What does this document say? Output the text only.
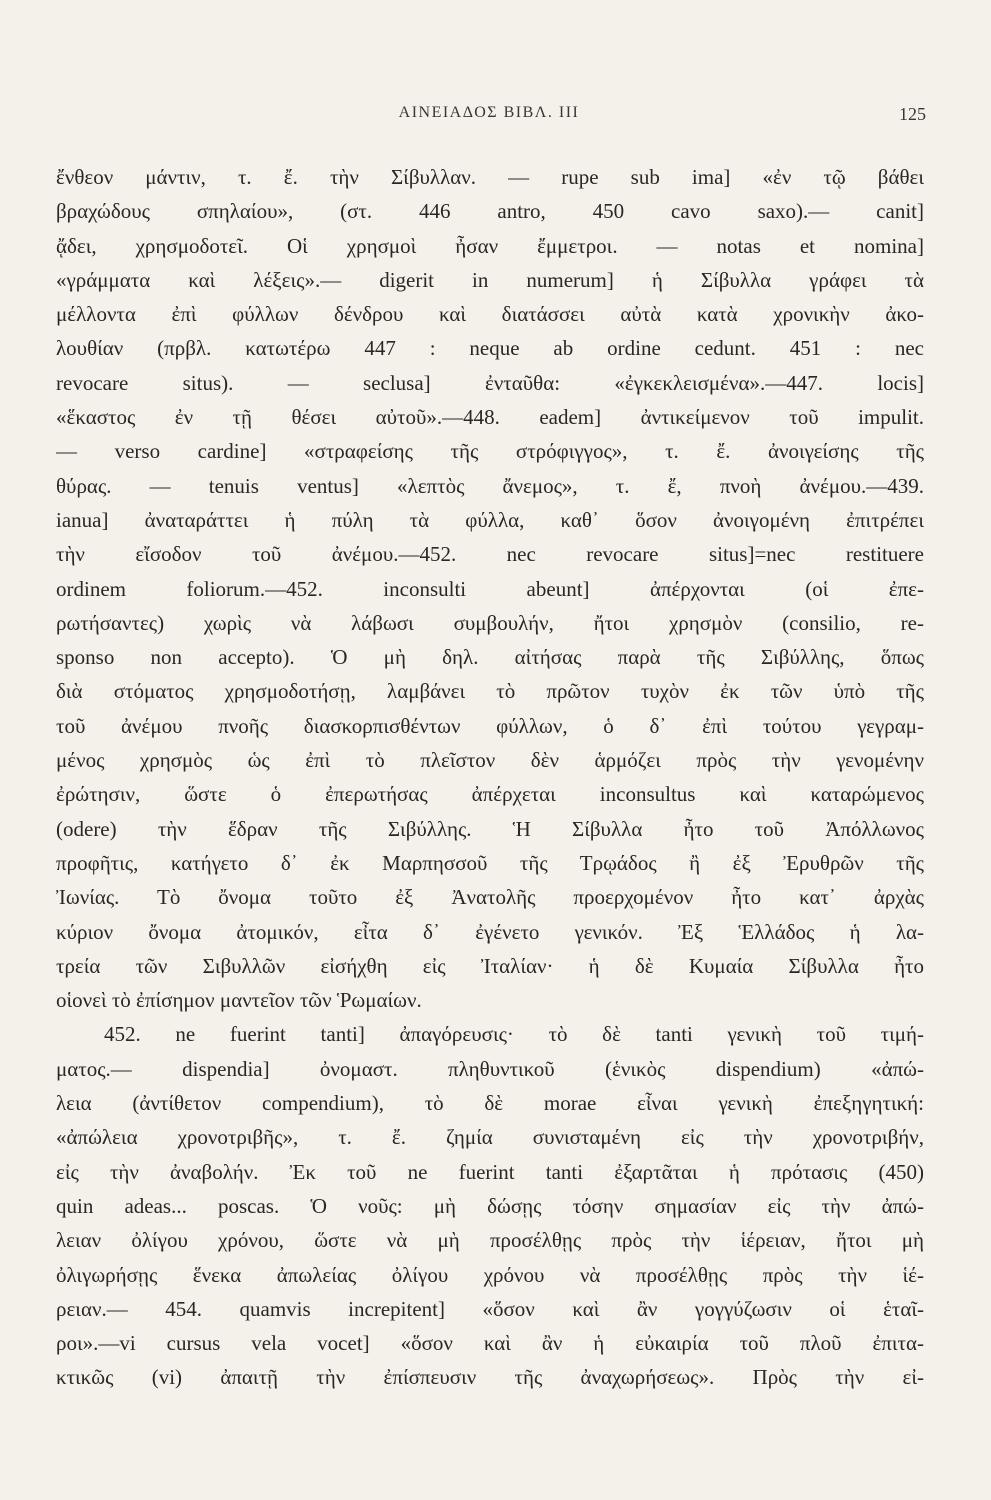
ΑΙΝΕΙΑΔΟΣ ΒΙΒΛ. ΙΙΙ	125
ἔνθεον μάντιν, τ. ἔ. τὴν Σίβυλλαν. — rupe sub ima] «ἐν τῷ βάθει
βραχώδους σπηλαίου», (στ. 446 antro, 450 cavo saxo).— canit]
ᾄδει, χρησμοδοτεῖ. Οἱ χρησμοὶ ἦσαν ἔμμετροι. — notas et nomina]
«γράμματα καὶ λέξεις».— digerit in numerum] ἡ Σίβυλλα γράφει τὰ
μέλλοντα ἐπὶ φύλλων δένδρου καὶ διατάσσει αὐτὰ κατὰ χρονικὴν ἀκο-
λουθίαν (πρβλ. κατωτέρω 447 : neque ab ordine cedunt. 451 : nec
revocare situs). — seclusa] ἐνταῦθα: «ἐγκεκλεισμένα».—447. locis]
«ἕκαστος ἐν τῇ θέσει αὐτοῦ».—448. eadem] ἀντικείμενον τοῦ impulit.
— verso cardine] «στραφείσης τῆς στρόφιγγος», τ. ἔ. ἀνοιγείσης τῆς
θύρας. — tenuis ventus] «λεπτὸς ἄνεμος», τ. ἔ, πνοὴ ἀνέμου.—439.
ianua] ἀναταράττει ἡ πύλη τὰ φύλλα, καθ᾽ ὅσον ἀνοιγομένη ἐπιτρέπει
τὴν εἴσοδον τοῦ ἀνέμου.—452. nec revocare situs]=nec restituere
ordinem foliorum.—452. inconsulti abeunt] ἀπέρχονται (οἱ ἐπε-
ρωτήσαντες) χωρὶς νὰ λάβωσι συμβουλήν, ἤτοι χρησμὸν (consilio, re-
sponso non accepto). Ὁ μὴ δηλ. αἰτήσας παρὰ τῆς Σιβύλλης, ὅπως
διὰ στόματος χρησμοδοτήσῃ, λαμβάνει τὸ πρῶτον τυχὸν ἐκ τῶν ὑπὸ τῆς
τοῦ ἀνέμου πνοῆς διασκορπισθέντων φύλλων, ὁ δ᾽ ἐπὶ τούτου γεγραμ-
μένος χρησμὸς ὡς ἐπὶ τὸ πλεῖστον δὲν ἁρμόζει πρὸς τὴν γενομένην
ἐρώτησιν, ὥστε ὁ ἐπερωτήσας ἀπέρχεται inconsultus καὶ καταρώμενος
(odere) τὴν ἕδραν τῆς Σιβύλλης. Ἡ Σίβυλλα ἦτο τοῦ Ἀπόλλωνος
προφῆτις, κατήγετο δ᾽ ἐκ Μαρπησσοῦ τῆς Τρῳάδος ἢ ἐξ Ἐρυθρῶν τῆς
Ἰωνίας. Τὸ ὄνομα τοῦτο ἐξ Ἀνατολῆς προερχομένον ἦτο κατ᾽ ἀρχὰς
κύριον ὄνομα ἀτομικόν, εἶτα δ᾽ ἐγένετο γενικόν. Ἐξ Ἑλλάδος ἡ λα-
τρεία τῶν Σιβυλλῶν εἰσήχθη εἰς Ἰταλίαν· ἡ δὲ Κυμαία Σίβυλλα ἦτο
οἱονεὶ τὸ ἐπίσημον μαντεῖον τῶν Ῥωμαίων.
452. ne fuerint tanti] ἀπαγόρευσις· τὸ δὲ tanti γενικὴ τοῦ τιμή-
ματος.— dispendia] ὀνομαστ. πληθυντικοῦ (ἑνικὸς dispendium) «ἀπώ-
λεια (ἀντίθετον compendium), τὸ δὲ morae εἶναι γενικὴ ἐπεξηγητική:
«ἀπώλεια χρονοτριβῆς», τ. ἔ. ζημία συνισταμένη εἰς τὴν χρονοτριβήν,
εἰς τὴν ἀναβολήν. Ἐκ τοῦ ne fuerint tanti ἐξαρτᾶται ἡ πρότασις (450)
quin adeas... poscas. Ὁ νοῦς: μὴ δώσῃς τόσην σημασίαν εἰς τὴν ἀπώ-
λειαν ὀλίγου χρόνου, ὥστε νὰ μὴ προσέλθῃς πρὸς τὴν ἱέρειαν, ἤτοι μὴ
ὀλιγωρήσῃς ἕνεκα ἀπωλείας ὀλίγου χρόνου νὰ προσέλθῃς πρὸς τὴν ἱέ-
ρειαν.— 454. quamvis increpitent] «ὅσον καὶ ἂν γογγύζωσιν οἱ ἑταῖ-
ροι».—vi cursus vela vocet] «ὅσον καὶ ἂν ἡ εὐκαιρία τοῦ πλοῦ ἐπιτα-
κτικῶς (vi) ἀπαιτῇ τὴν ἐπίσπευσιν τῆς ἀναχωρήσεως». Πρὸς τὴν εἰ-
